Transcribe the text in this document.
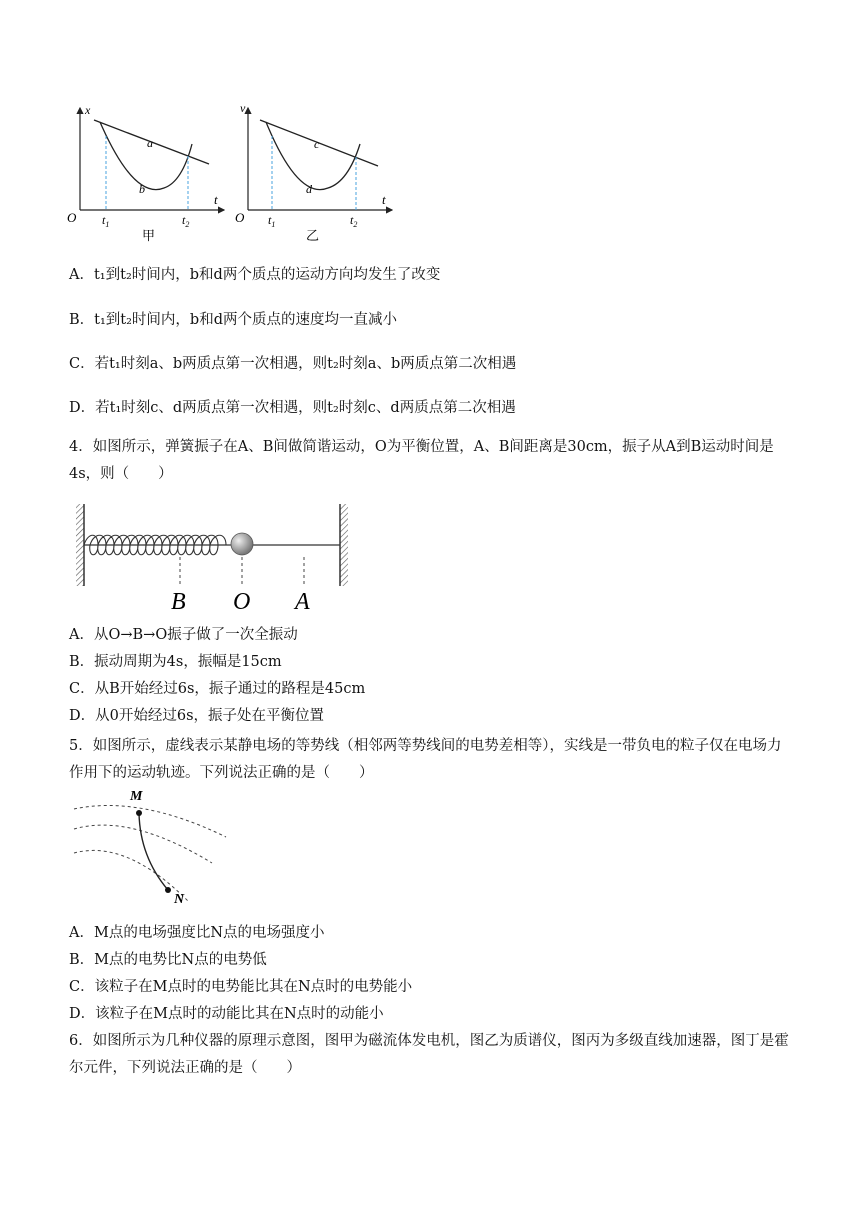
x
O
t
$t_1$	$t_2$
a
b
甲
v
O
t
$t_1$	$t_2$
c
d
乙
A．t₁到t₂时间内，b和d两个质点的运动方向均发生了改变
B．t₁到t₂时间内，b和d两个质点的速度均一直减小
C．若t₁时刻a、b两质点第一次相遇，则t₂时刻a、b两质点第二次相遇
D．若t₁时刻c、d两质点第一次相遇，则t₂时刻c、d两质点第二次相遇
4．如图所示，弹簧振子在A、B间做简谐运动，O为平衡位置，A、B间距离是30cm，振子从A到B运动时间是4s，则（　　）
B O A
A．从O→B→O振子做了一次全振动
B．振动周期为4s，振幅是15cm
C．从B开始经过6s，振子通过的路程是45cm
D．从0开始经过6s，振子处在平衡位置
5．如图所示，虚线表示某静电场的等势线（相邻两等势线间的电势差相等），实线是一带负电的粒子仅在电场力作用下的运动轨迹。下列说法正确的是（　　）
M
N
A．M点的电场强度比N点的电场强度小
B．M点的电势比N点的电势低
C．该粒子在M点时的电势能比其在N点时的电势能小
D．该粒子在M点时的动能比其在N点时的动能小
6．如图所示为几种仪器的原理示意图，图甲为磁流体发电机，图乙为质谱仪，图丙为多级直线加速器，图丁是霍尔元件，下列说法正确的是（　　）
